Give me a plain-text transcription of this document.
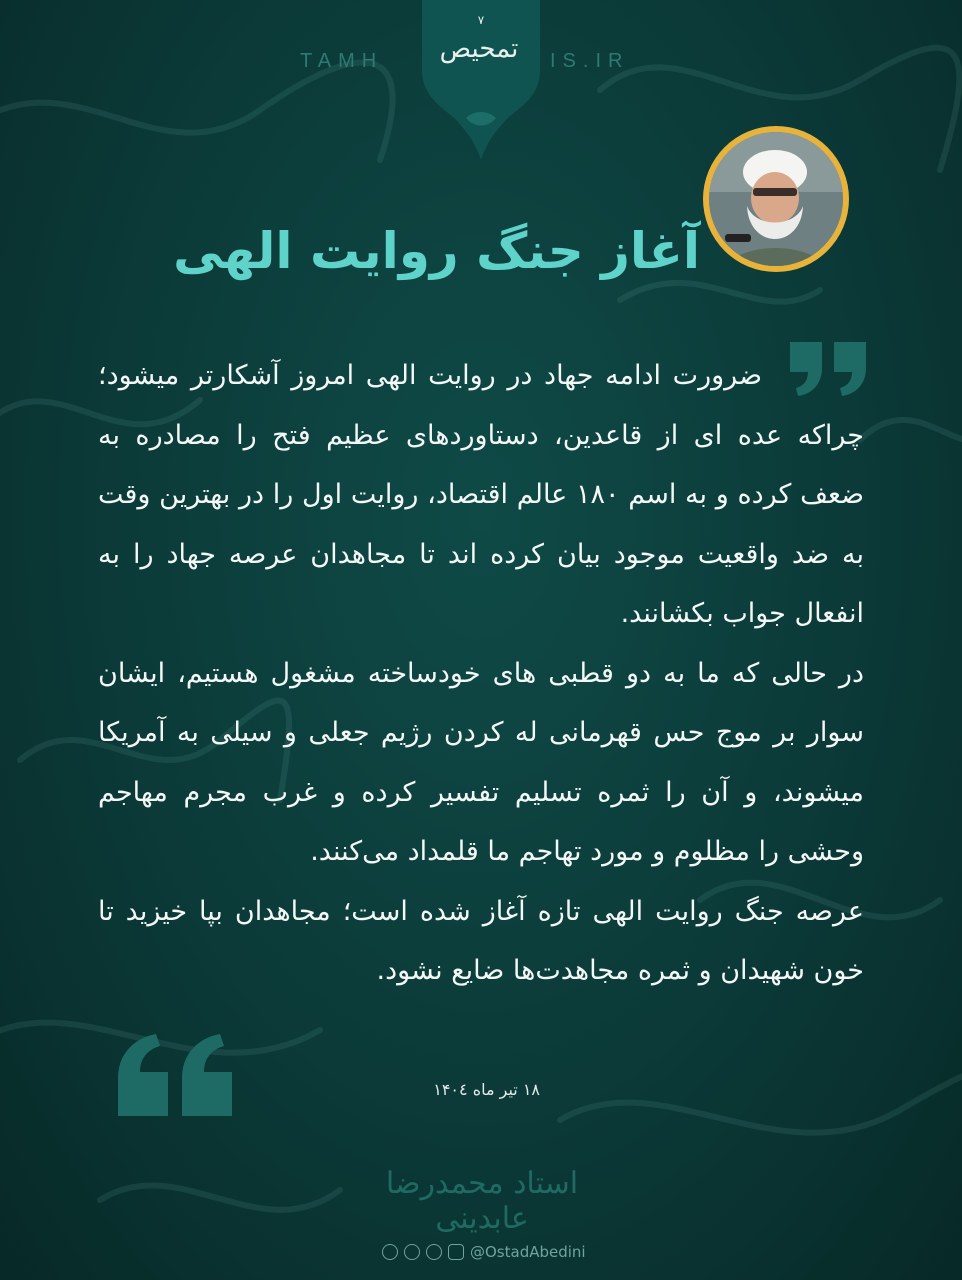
٧
TAMH	IS.IR
تمحیص
آغاز جنگ روایت الهی

ضرورت ادامه جهاد در روایت الهی امروز آشکارتر میشود؛ چراکه عده ای از قاعدین، دستاوردهای عظیم فتح را مصادره به ضعف کرده و به اسم ۱۸۰ عالم اقتصاد، روایت اول را در بهترین وقت به ضد واقعیت موجود بیان کرده اند تا مجاهدان عرصه جهاد را به انفعال جواب بکشانند.

در حالی که ما به دو قطبی های خودساخته مشغول هستیم، ایشان سوار بر موج حس قهرمانی له کردن رژیم جعلی و سیلی به آمریکا میشوند، و آن را ثمره تسلیم تفسیر کرده و غرب مجرم مهاجم وحشی را مظلوم و مورد تهاجم ما قلمداد می‌کنند.

عرصه جنگ روایت الهی تازه آغاز شده است؛ مجاهدان بپا خیزید تا خون شهیدان و ثمره مجاهدت‌ها ضایع نشود.

۱۸ تیر ماه ۱۴۰٤
استاد محمدرضا عابدینی
@OstadAbedini
